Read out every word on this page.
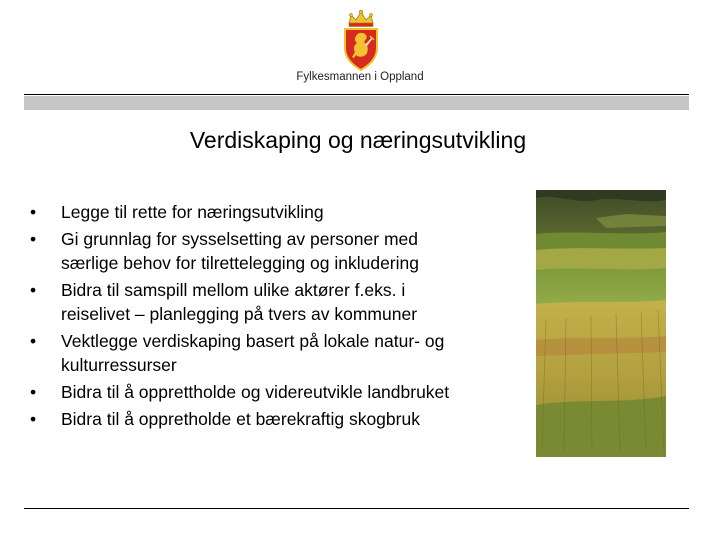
Fylkesmannen i Oppland
Verdiskaping og næringsutvikling
•	Legge til rette for næringsutvikling
•	Gi grunnlag for sysselsetting av personer med
særlige behov for tilrettelegging og inkludering
•	Bidra til samspill mellom ulike aktører f.eks. i
reiselivet – planlegging på tvers av kommuner
•	Vektlegge verdiskaping basert på lokale natur- og
kulturressurser
•	Bidra til å opprettholde og videreutvikle landbruket
•	Bidra til å oppretholde et bærekraftig skogbruk
